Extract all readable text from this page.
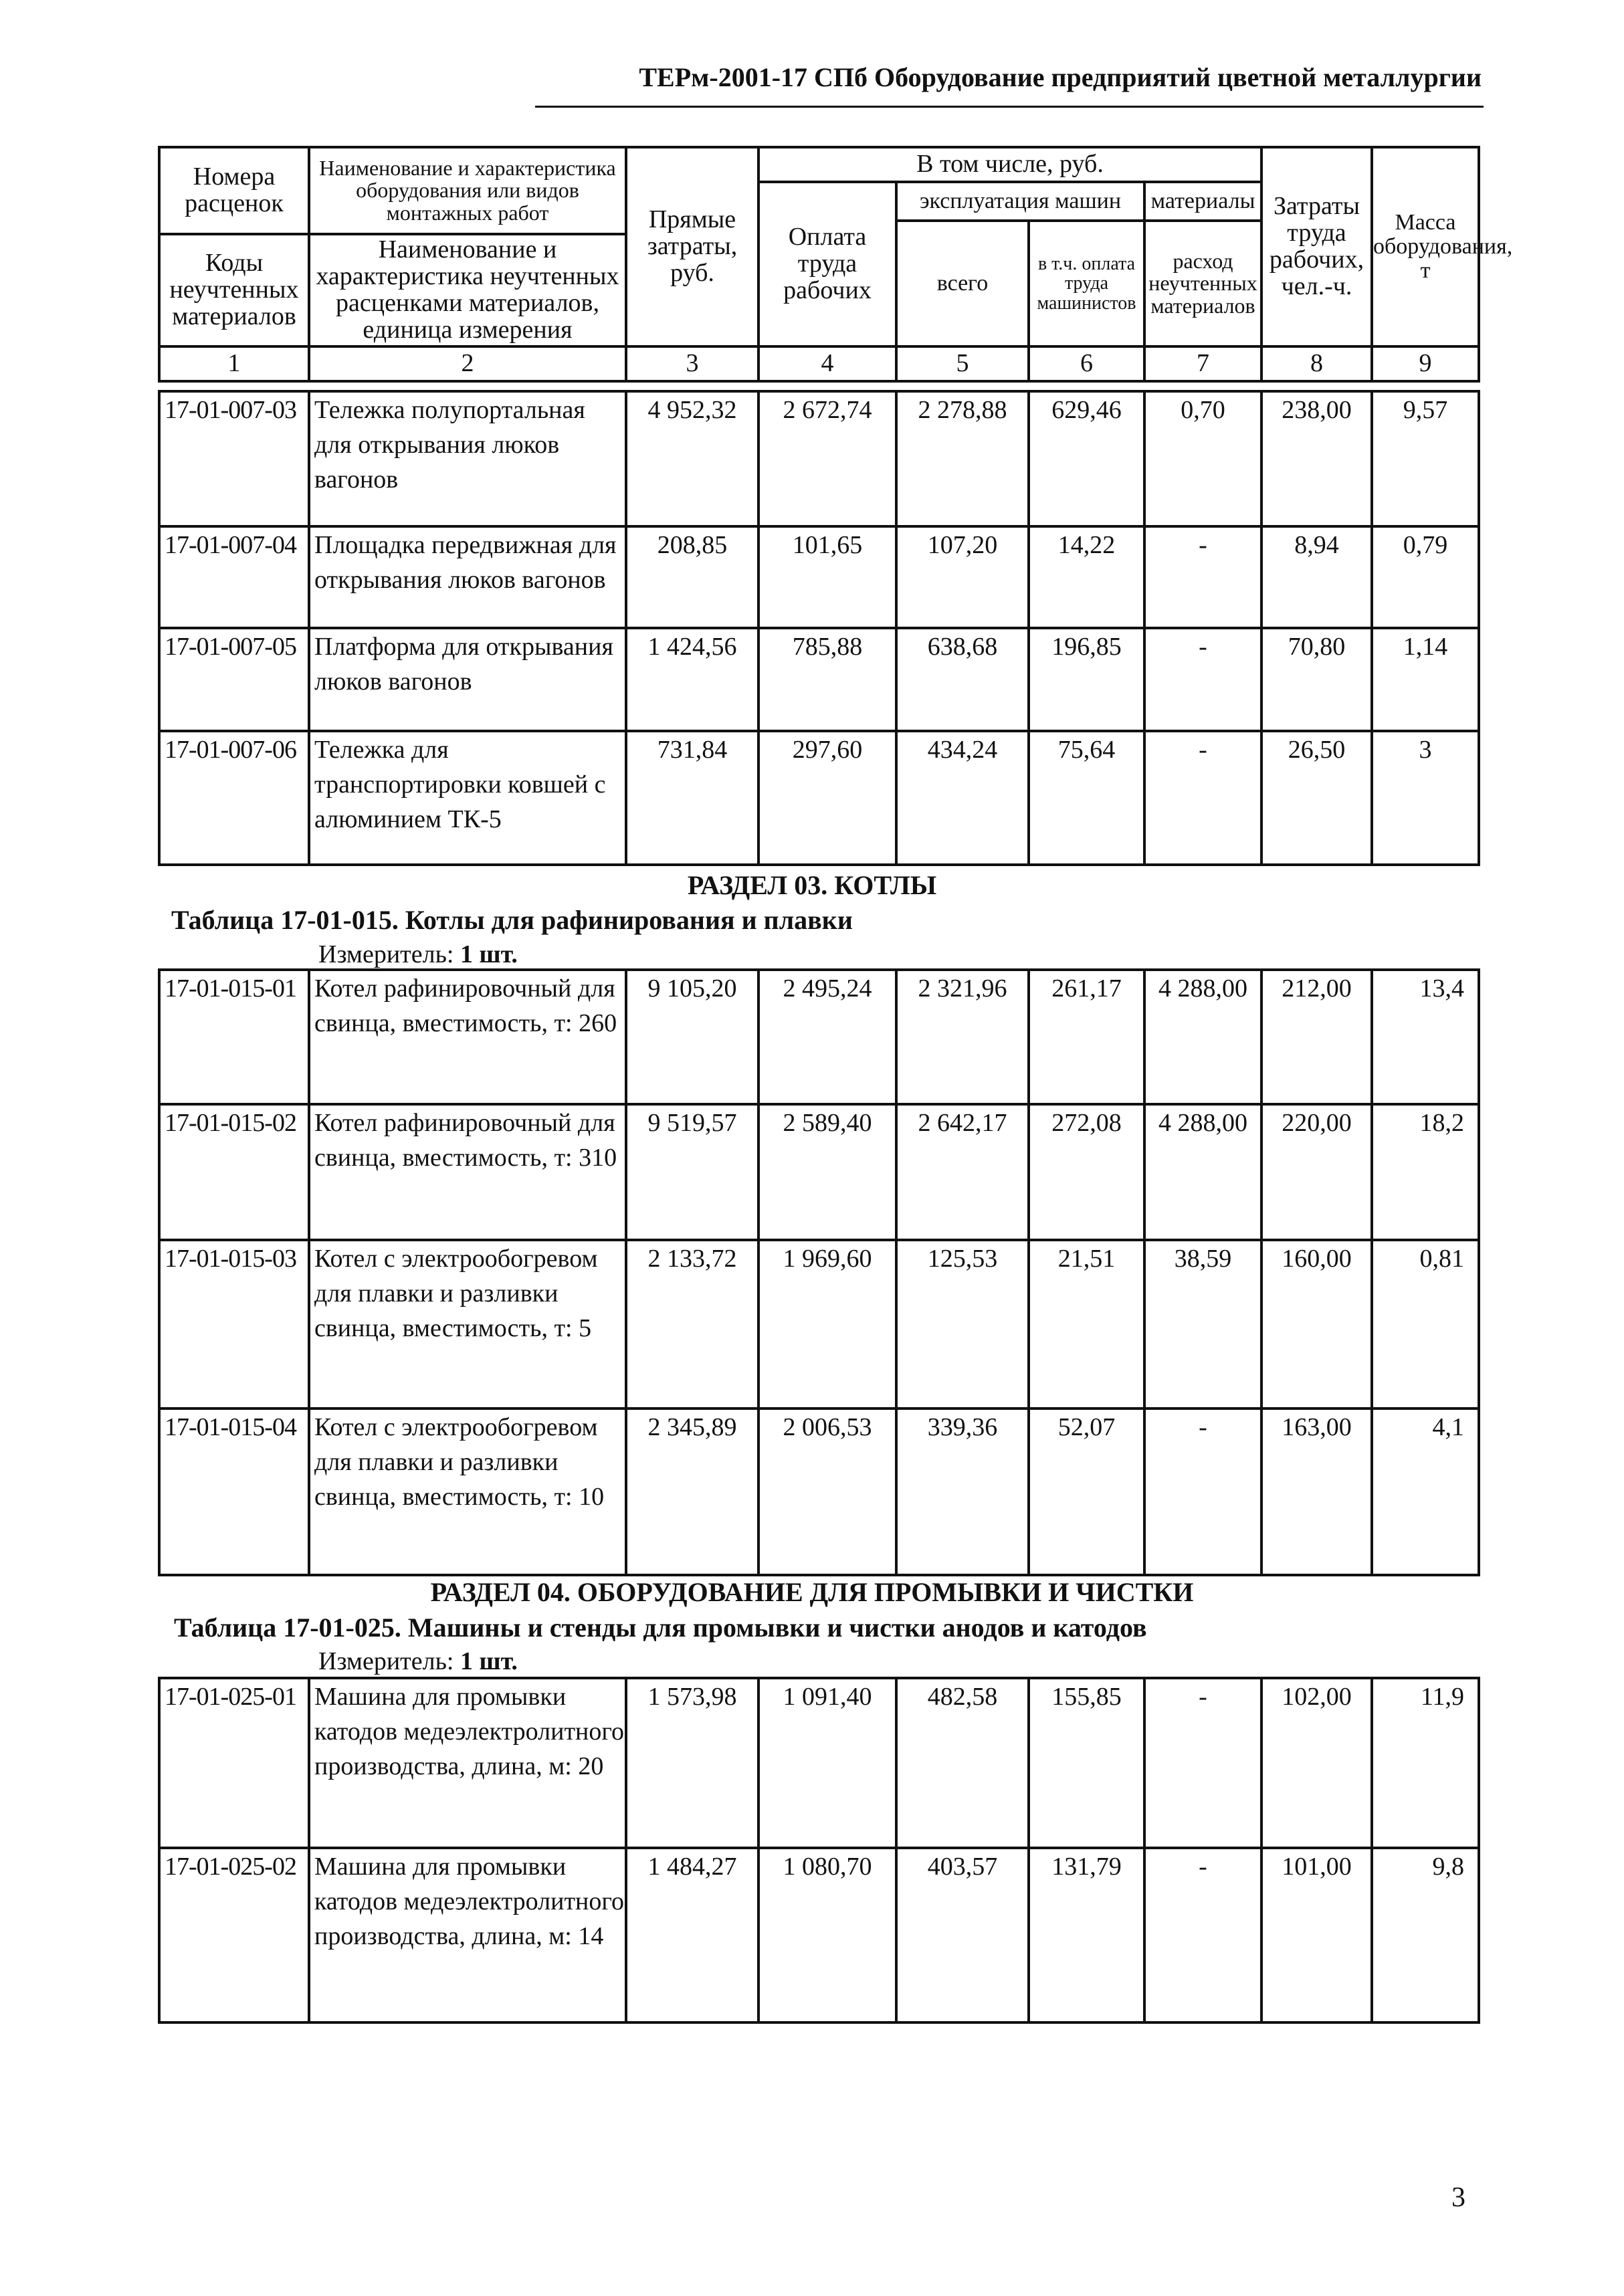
ТЕРм-2001-17 СПб Оборудование предприятий цветной металлургии
Номера расценок	Наименование и характеристика оборудования или видов монтажных работ	Прямые затраты, руб.	В том числе, руб.				Затраты труда рабочих, чел.-ч.	Масса оборудования, т
			Оплата труда рабочих	эксплуатация машин		материалы		
				всего	в т.ч. оплата труда машинистов	расход неучтенных материалов		
Коды неучтенных материалов	Наименование и характеристика неучтенных расценками материалов, единица измерения							

1	2	3	4	5	6	7	8	9
17-01-007-03	Тележка полупортальная для открывания люков вагонов	4 952,32	2 672,74	2 278,88	629,46	0,70	238,00	9,57
17-01-007-04	Площадка передвижная для открывания люков вагонов	208,85	101,65	107,20	14,22	-	8,94	0,79
17-01-007-05	Платформа для открывания люков вагонов	1 424,56	785,88	638,68	196,85	-	70,80	1,14
17-01-007-06	Тележка для транспортировки ковшей с алюминием ТК-5	731,84	297,60	434,24	75,64	-	26,50	3
РАЗДЕЛ 03. КОТЛЫ
Таблица 17-01-015. Котлы для рафинирования и плавки
Измеритель: 1 шт.
17-01-015-01	Котел рафинировочный для свинца, вместимость, т: 260	9 105,20	2 495,24	2 321,96	261,17	4 288,00	212,00	13,4
17-01-015-02	Котел рафинировочный для свинца, вместимость, т: 310	9 519,57	2 589,40	2 642,17	272,08	4 288,00	220,00	18,2
17-01-015-03	Котел с электрообогревом для плавки и разливки свинца, вместимость, т: 5	2 133,72	1 969,60	125,53	21,51	38,59	160,00	0,81
17-01-015-04	Котел с электрообогревом для плавки и разливки свинца, вместимость, т: 10	2 345,89	2 006,53	339,36	52,07	-	163,00	4,1
РАЗДЕЛ 04. ОБОРУДОВАНИЕ ДЛЯ ПРОМЫВКИ И ЧИСТКИ
Таблица 17-01-025. Машины и стенды для промывки и чистки анодов и катодов
Измеритель: 1 шт.
17-01-025-01	Машина для промывки катодов медеэлектролитного производства, длина, м: 20	1 573,98	1 091,40	482,58	155,85	-	102,00	11,9
17-01-025-02	Машина для промывки катодов медеэлектролитного производства, длина, м: 14	1 484,27	1 080,70	403,57	131,79	-	101,00	9,8
3
